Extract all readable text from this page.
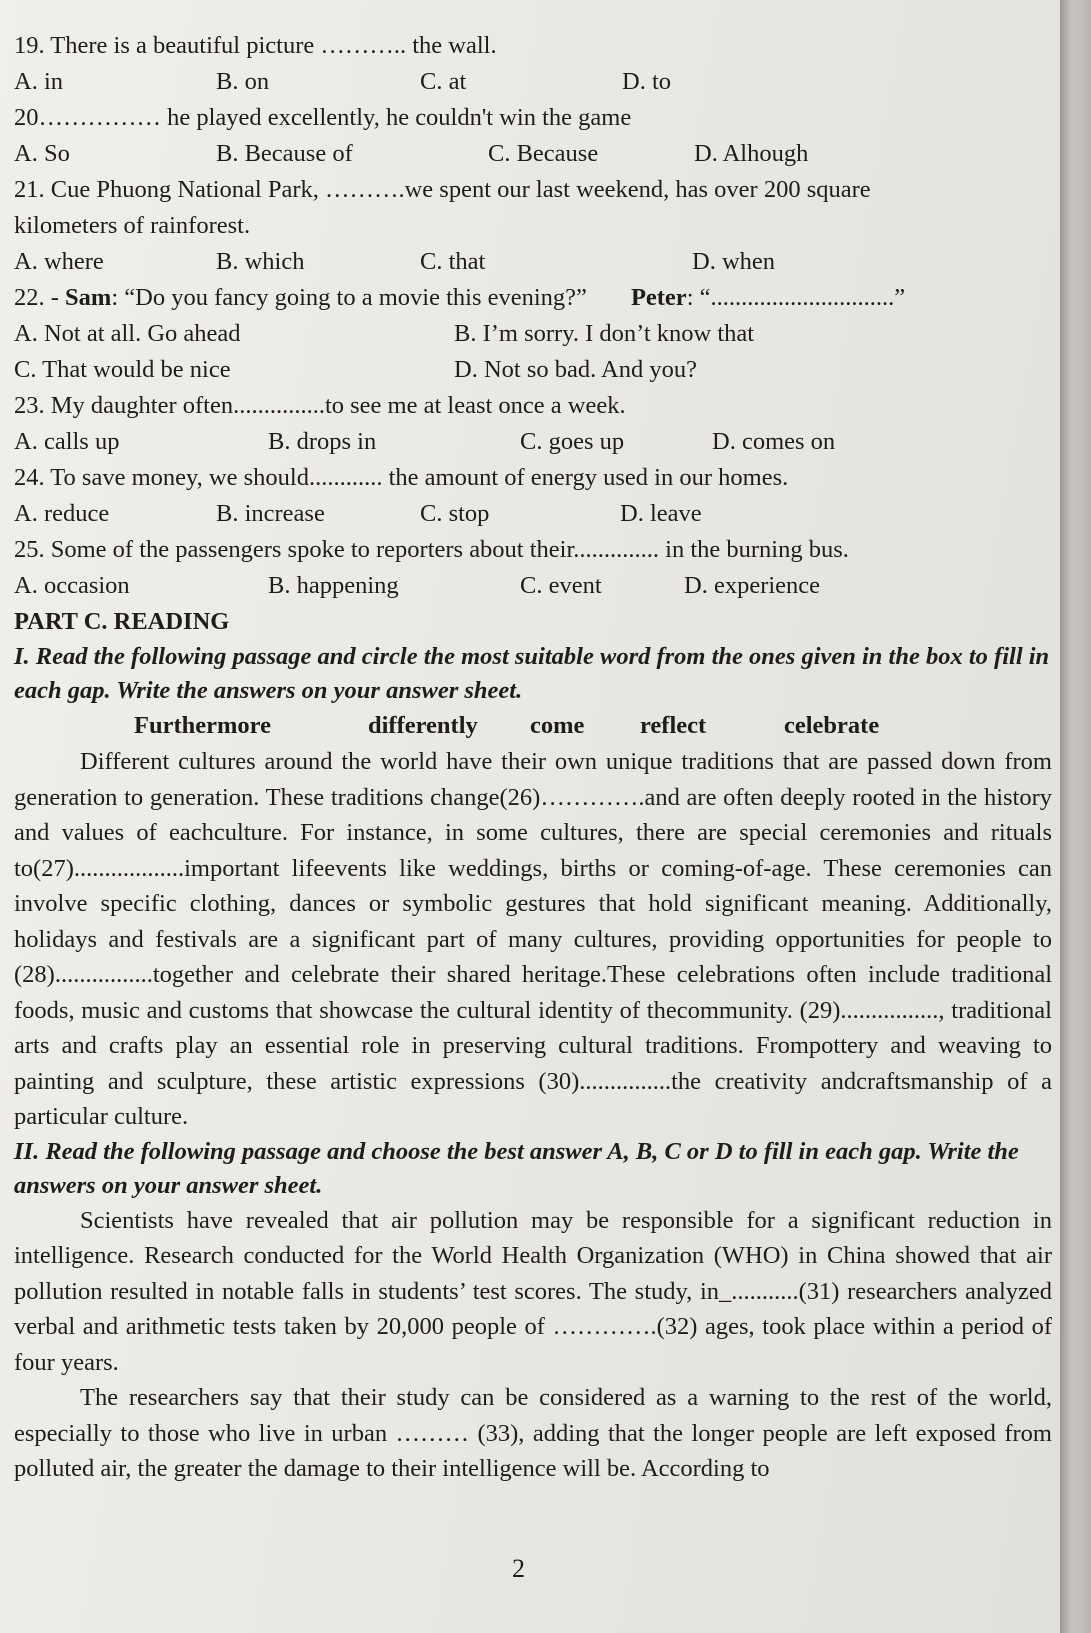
19. There is a beautiful picture ……….. the wall.
A. in	B. on	C. at	D. to
20…………… he played excellently, he couldn't win the game
A. So	B. Because of	C. Because	D. Alhough
21. Cue Phuong National Park, ……….we spent our last weekend, has over 200 square
kilometers of rainforest.
A. where	B. which	C. that	D. when
22. - Sam: “Do you fancy going to a movie this evening?” Peter: “..............................”
A. Not at all. Go ahead	B. I’m sorry. I don’t know that
C. That would be nice	D. Not so bad. And you?
23. My daughter often...............to see me at least once a week.
A. calls up	B. drops in	C. goes up	D. comes on
24. To save money, we should............ the amount of energy used in our homes.
A. reduce	B. increase	C. stop	D. leave
25. Some of the passengers spoke to reporters about their.............. in the burning bus.
A. occasion	B. happening	C. event	D. experience
PART C. READING
I. Read the following passage and circle the most suitable word from the ones given in the box to fill in each gap. Write the answers on your answer sheet.
Furthermore	differently come reflect	celebrate
Different cultures around the world have their own unique traditions that are passed down from generation to generation. These traditions change(26)………….and are often deeply rooted in the history and values of eachculture. For instance, in some cultures, there are special ceremonies and rituals to(27)..................important lifeevents like weddings, births or coming-of-age. These ceremonies can involve specific clothing, dances or symbolic gestures that hold significant meaning. Additionally, holidays and festivals are a significant part of many cultures, providing opportunities for people to (28)................together and celebrate their shared heritage.These celebrations often include traditional foods, music and customs that showcase the cultural identity of thecommunity. (29)................, traditional arts and crafts play an essential role in preserving cultural traditions. Frompottery and weaving to painting and sculpture, these artistic expressions (30)...............the creativity andcraftsmanship of a particular culture.
II. Read the following passage and choose the best answer A, B, C or D to fill in each gap. Write the answers on your answer sheet.
Scientists have revealed that air pollution may be responsible for a significant reduction in intelligence. Research conducted for the World Health Organization (WHO) in China showed that air pollution resulted in notable falls in students’ test scores. The study, in_...........(31) researchers analyzed verbal and arithmetic tests taken by 20,000 people of ………….(32) ages, took place within a period of four years.
The researchers say that their study can be considered as a warning to the rest of the world, especially to those who live in urban ……… (33), adding that the longer people are left exposed from polluted air, the greater the damage to their intelligence will be. According to
2
